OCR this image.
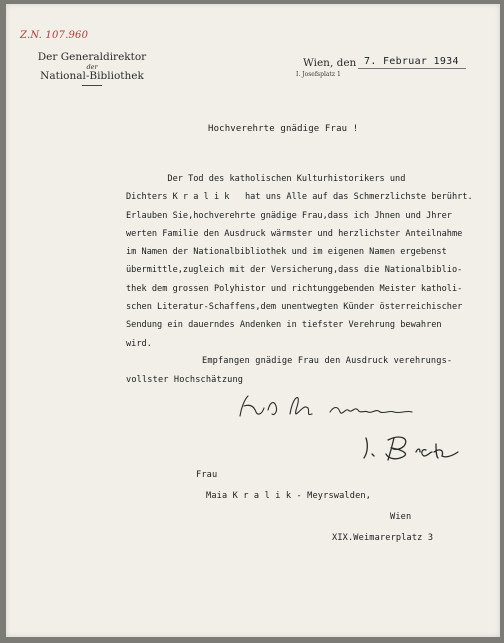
Z.N. 107.960
Der Generaldirektor
der
National-Bibliothek
Wien, den 7. Februar 1934
I. Josefsplatz 1
Hochverehrte gnädige Frau !
Der Tod des katholischen Kulturhistorikers und
Dichters K r a l i k   hat uns Alle auf das Schmerzlichste berührt.
Erlauben Sie,hochverehrte gnädige Frau,dass ich Jhnen und Jhrer
werten Familie den Ausdruck wärmster und herzlichster Anteilnahme
im Namen der Nationalbibliothek und im eigenen Namen ergebenst
übermittle,zugleich mit der Versicherung,dass die Nationalbiblio-
thek dem grossen Polyhistor und richtunggebenden Meister katholi-
schen Literatur-Schaffens,dem unentwegten Künder österreichischer
Sendung ein dauerndes Andenken in tiefster Verehrung bewahren
wird.
Empfangen gnädige Frau den Ausdruck verehrungs-
vollster Hochschätzung
Frau
Maia K r a l i k - Meyrswalden,
Wien
XIX.Weimarerplatz 3
